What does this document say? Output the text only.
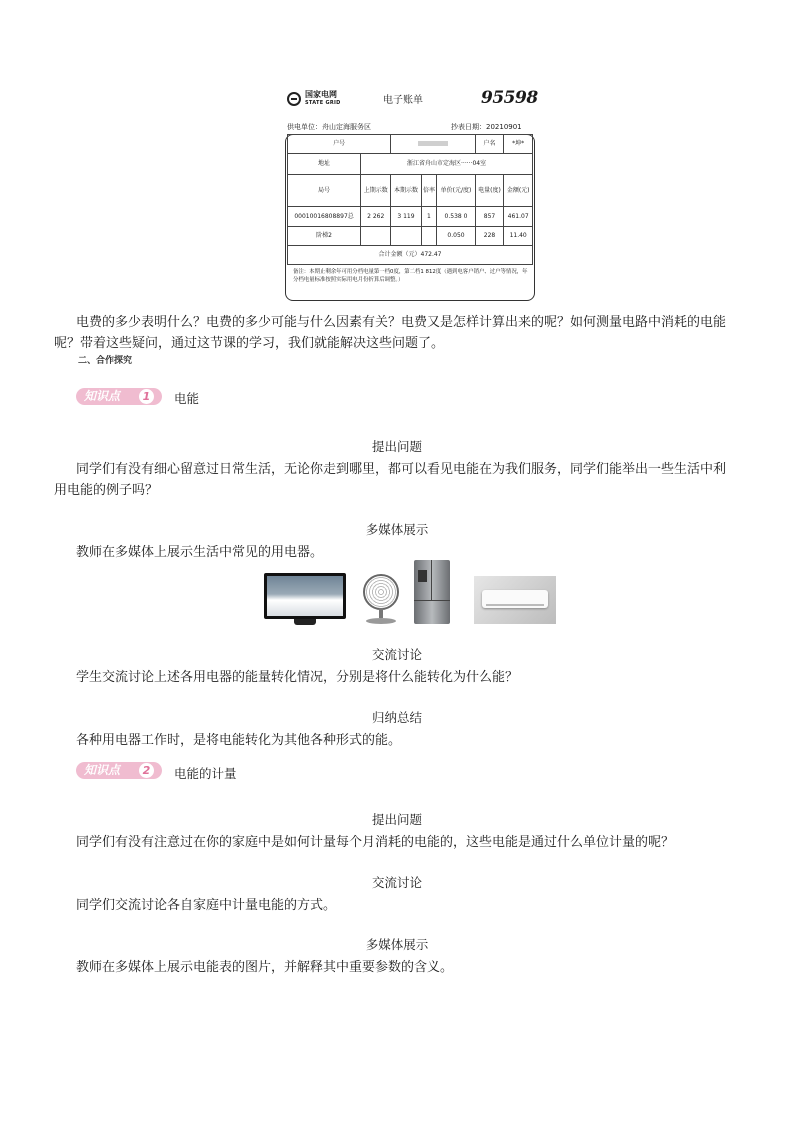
国家电网
STATE GRID	电子账单	95598
供电单位：舟山定海服务区	抄表日期：20210901
户号					户名	*坤*
地址	浙江省舟山市定海区······04室					
局号	上期示数	本期示数	倍率	单价(元/度)	电量(度)	金额(元)
00010016808897总	2 262	3 119	1	0.538 0	857	461.07
阶梯2				0.050	228	11.40
合计金额（元）472.47						
备注：本期止剩余年可用分档电量第一档0度，第二档1 812度（遇到电客户销户、过户等情况，年分档电量标准按照实际用电月份折算后调整。）
电费的多少表明什么？电费的多少可能与什么因素有关？电费又是怎样计算出来的呢？如何测量电路中消耗的电能呢？带着这些疑问，通过这节课的学习，我们就能解决这些问题了。
二、合作探究
知识点	1 电能
提出问题
同学们有没有细心留意过日常生活，无论你走到哪里，都可以看见电能在为我们服务，同学们能举出一些生活中利用电能的例子吗？
多媒体展示
教师在多媒体上展示生活中常见的用电器。
交流讨论
学生交流讨论上述各用电器的能量转化情况，分别是将什么能转化为什么能？
归纳总结
各种用电器工作时，是将电能转化为其他各种形式的能。
知识点	2 电能的计量
提出问题
同学们有没有注意过在你的家庭中是如何计量每个月消耗的电能的，这些电能是通过什么单位计量的呢？
交流讨论
同学们交流讨论各自家庭中计量电能的方式。
多媒体展示
教师在多媒体上展示电能表的图片，并解释其中重要参数的含义。
